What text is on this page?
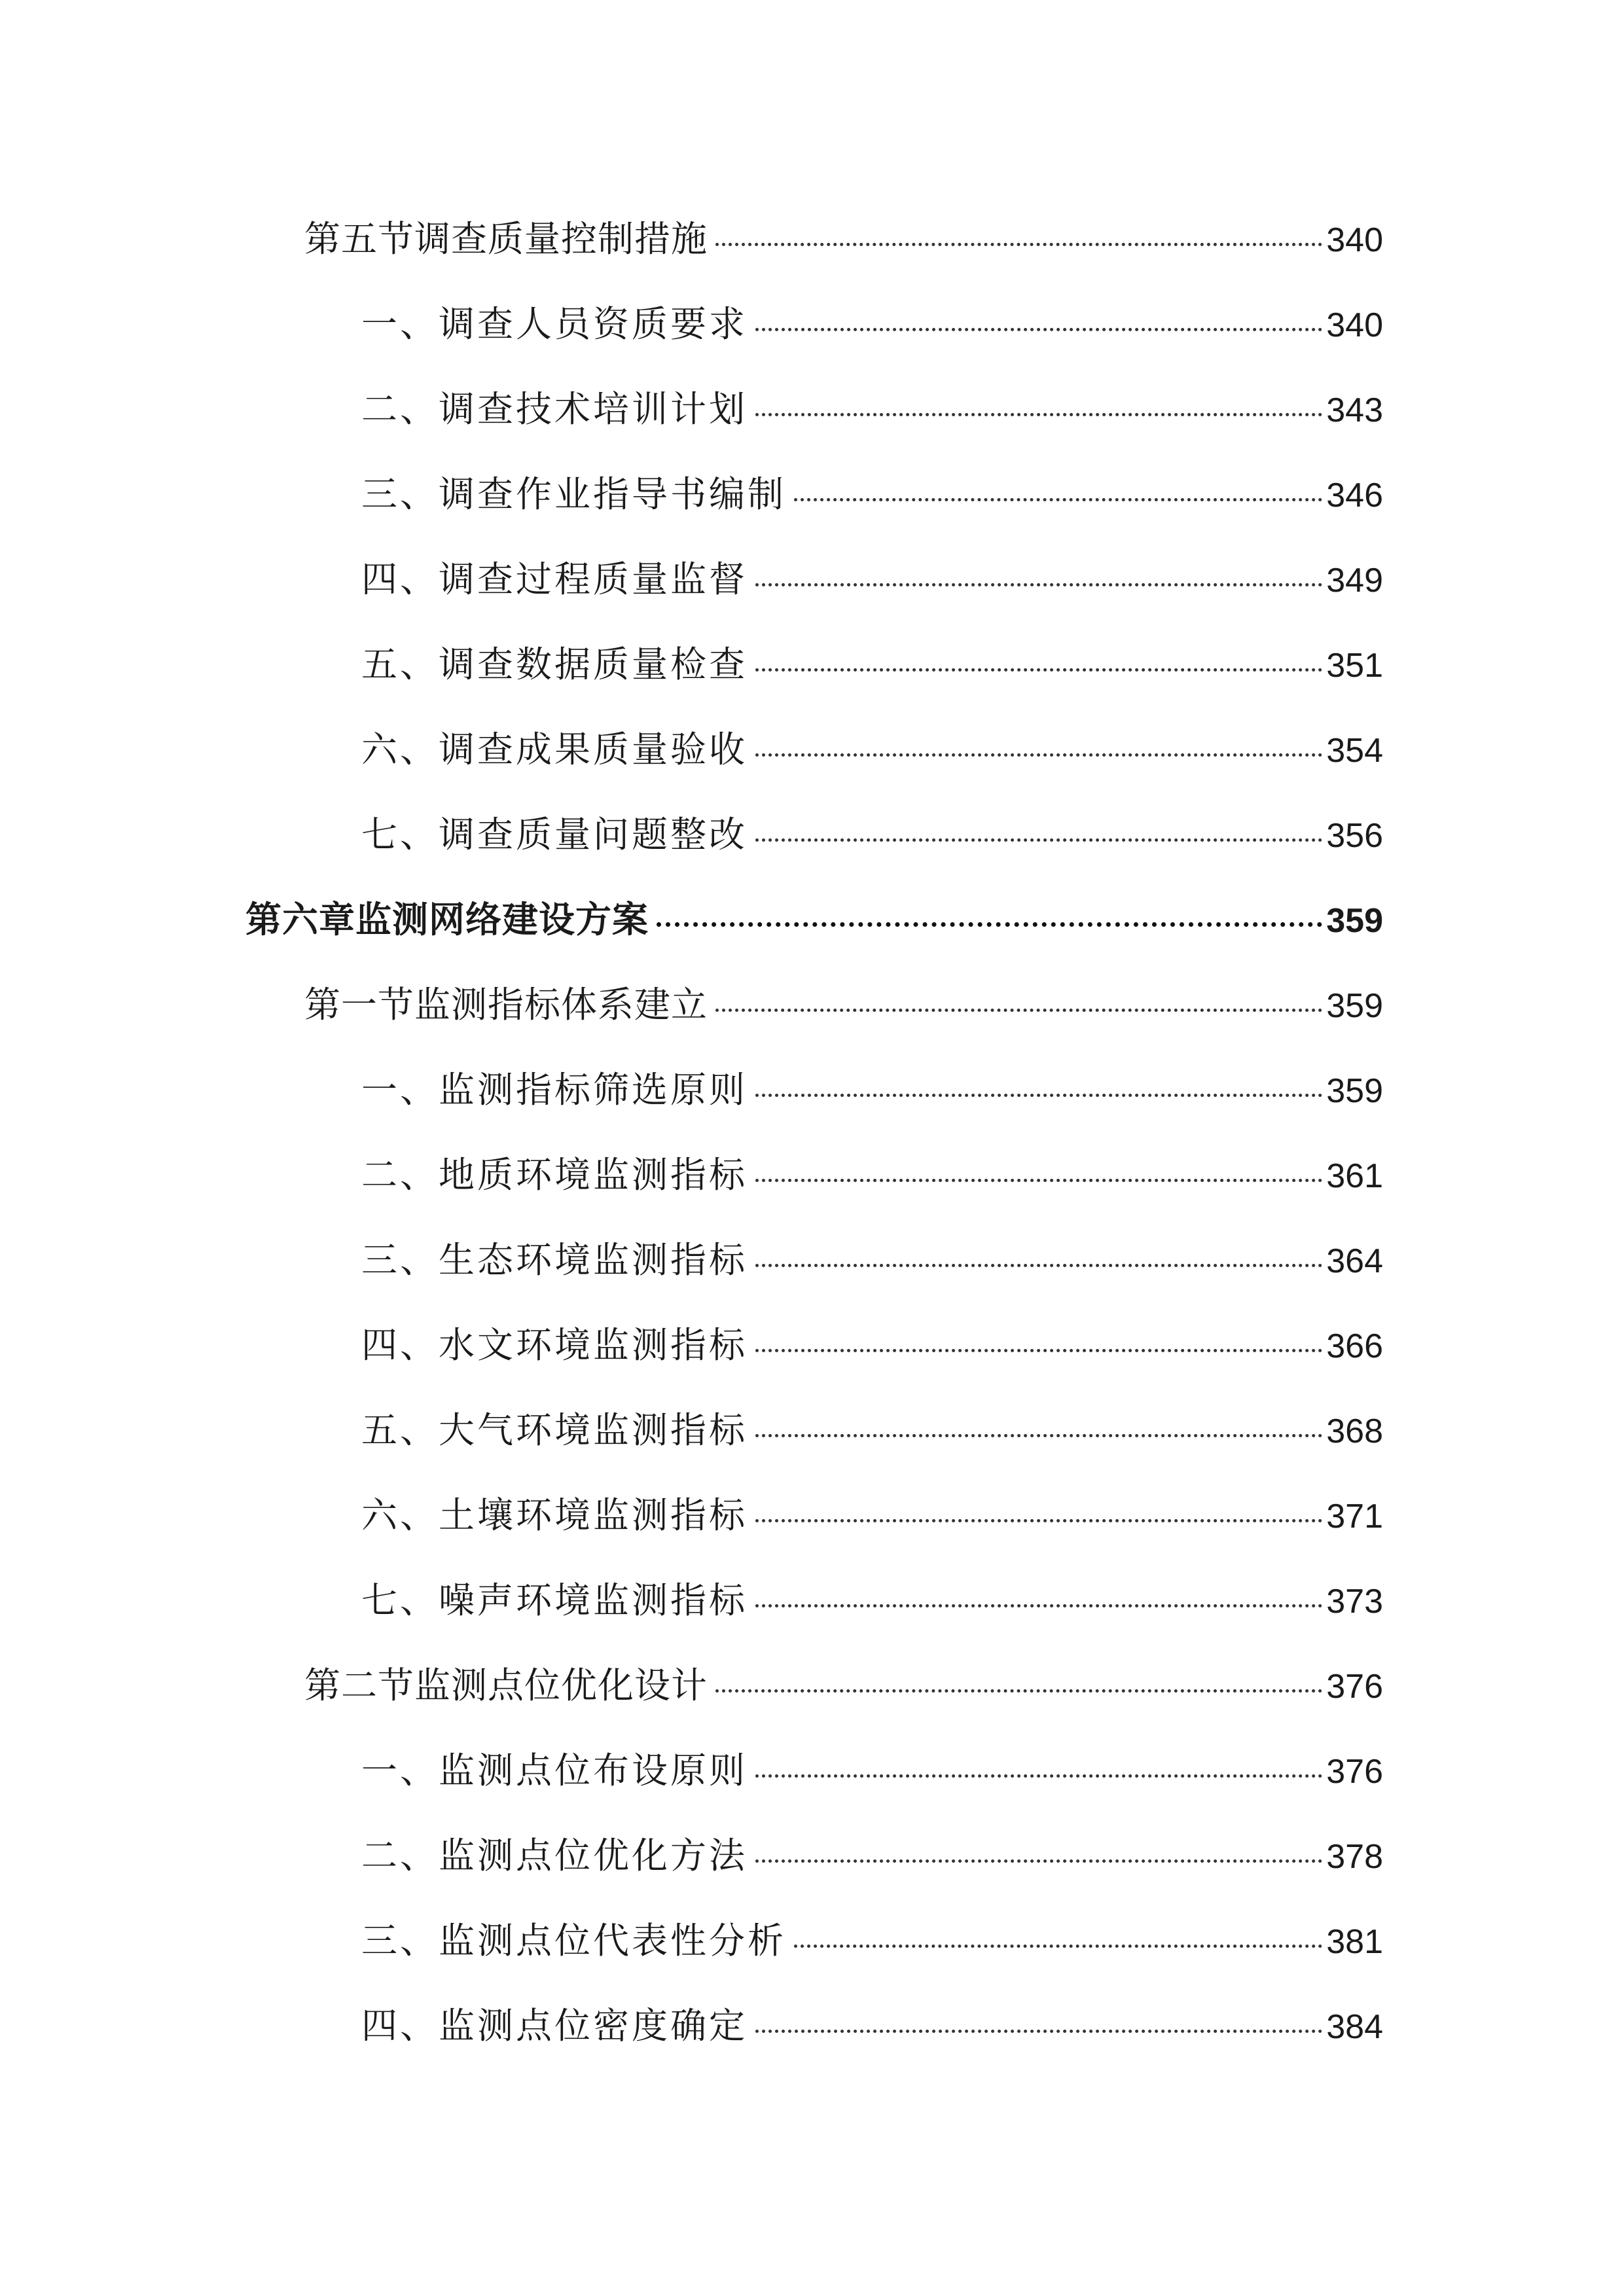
第五节调查质量控制措施	340
一、调查人员资质要求	340
二、调查技术培训计划	343
三、调查作业指导书编制	346
四、调查过程质量监督	349
五、调查数据质量检查	351
六、调查成果质量验收	354
七、调查质量问题整改	356
第六章监测网络建设方案	359
第一节监测指标体系建立	359
一、监测指标筛选原则	359
二、地质环境监测指标	361
三、生态环境监测指标	364
四、水文环境监测指标	366
五、大气环境监测指标	368
六、土壤环境监测指标	371
七、噪声环境监测指标	373
第二节监测点位优化设计	376
一、监测点位布设原则	376
二、监测点位优化方法	378
三、监测点位代表性分析	381
四、监测点位密度确定	384
